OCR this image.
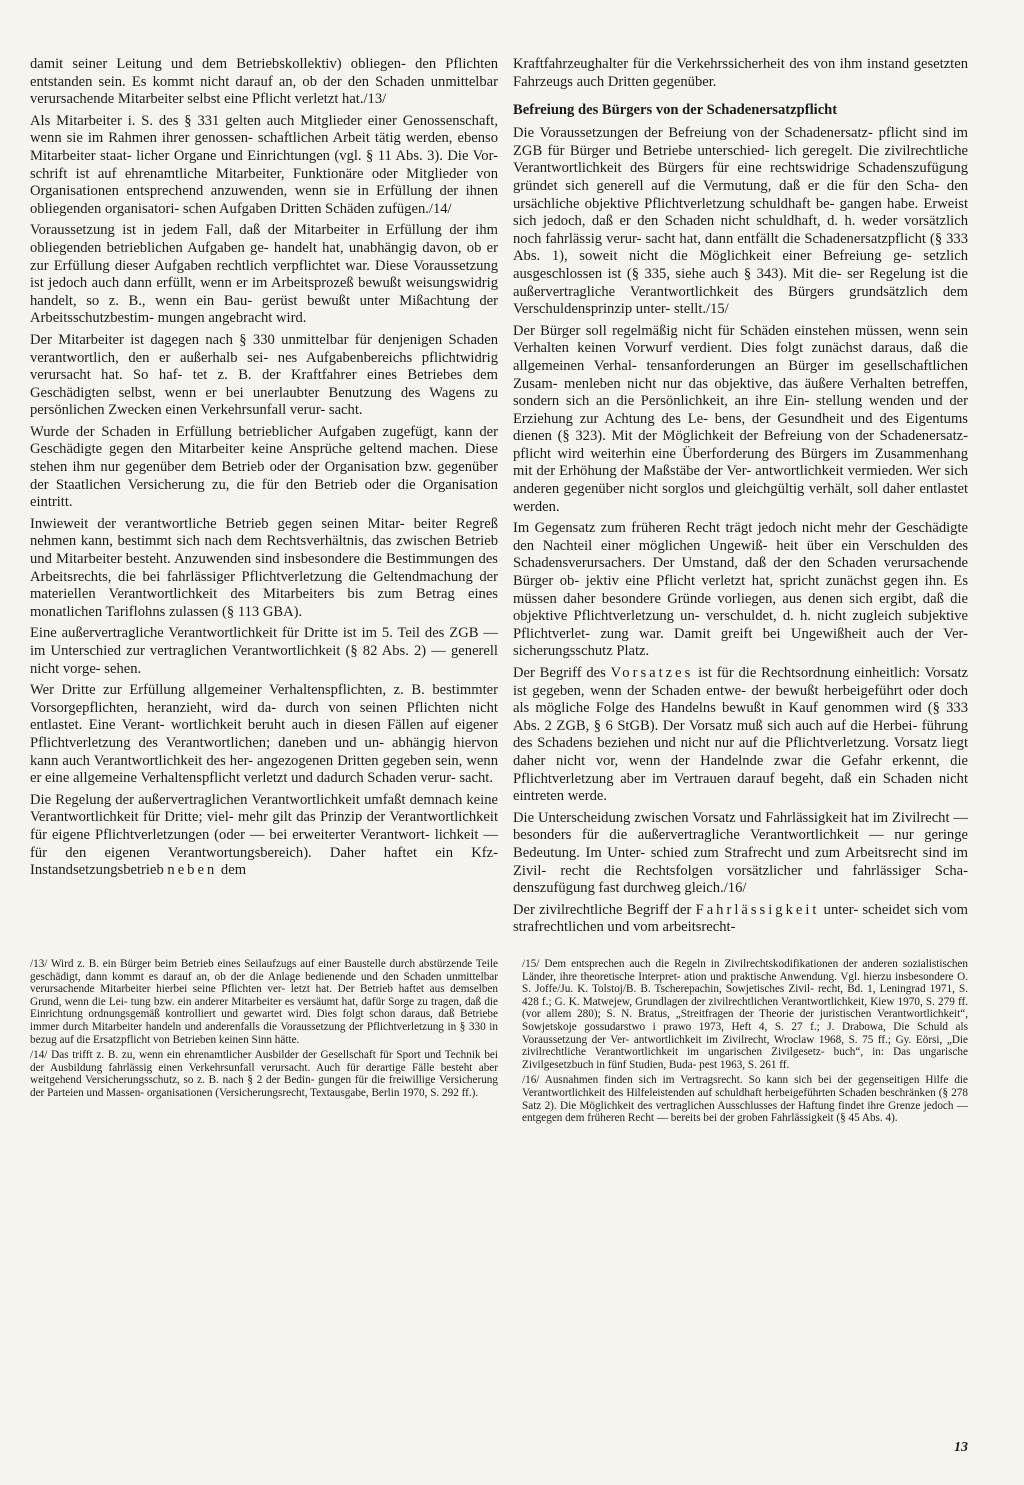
damit seiner Leitung und dem Betriebskollektiv) obliegen- den Pflichten entstanden sein. Es kommt nicht darauf an, ob der den Schaden unmittelbar verursachende Mitarbeiter selbst eine Pflicht verletzt hat./13/

Als Mitarbeiter i. S. des § 331 gelten auch Mitglieder einer Genossenschaft, wenn sie im Rahmen ihrer genossen- schaftlichen Arbeit tätig werden, ebenso Mitarbeiter staat- licher Organe und Einrichtungen (vgl. § 11 Abs. 3). Die Vor- schrift ist auf ehrenamtliche Mitarbeiter, Funktionäre oder Mitglieder von Organisationen entsprechend anzuwenden, wenn sie in Erfüllung der ihnen obliegenden organisatori- schen Aufgaben Dritten Schäden zufügen./14/

Voraussetzung ist in jedem Fall, daß der Mitarbeiter in Erfüllung der ihm obliegenden betrieblichen Aufgaben ge- handelt hat, unabhängig davon, ob er zur Erfüllung dieser Aufgaben rechtlich verpflichtet war. Diese Voraussetzung ist jedoch auch dann erfüllt, wenn er im Arbeitsprozeß bewußt weisungswidrig handelt, so z. B., wenn ein Bau- gerüst bewußt unter Mißachtung der Arbeitsschutzbestim- mungen angebracht wird.

Der Mitarbeiter ist dagegen nach § 330 unmittelbar für denjenigen Schaden verantwortlich, den er außerhalb sei- nes Aufgabenbereichs pflichtwidrig verursacht hat. So haf- tet z. B. der Kraftfahrer eines Betriebes dem Geschädigten selbst, wenn er bei unerlaubter Benutzung des Wagens zu persönlichen Zwecken einen Verkehrsunfall verur- sacht.

Wurde der Schaden in Erfüllung betrieblicher Aufgaben zugefügt, kann der Geschädigte gegen den Mitarbeiter keine Ansprüche geltend machen. Diese stehen ihm nur gegenüber dem Betrieb oder der Organisation bzw. gegenüber der Staatlichen Versicherung zu, die für den Betrieb oder die Organisation eintritt.

Inwieweit der verantwortliche Betrieb gegen seinen Mitar- beiter Regreß nehmen kann, bestimmt sich nach dem Rechtsverhältnis, das zwischen Betrieb und Mitarbeiter besteht. Anzuwenden sind insbesondere die Bestimmungen des Arbeitsrechts, die bei fahrlässiger Pflichtverletzung die Geltendmachung der materiellen Verantwortlichkeit des Mitarbeiters bis zum Betrag eines monatlichen Tariflohns zulassen (§ 113 GBA).

Eine außervertragliche Verantwortlichkeit für Dritte ist im 5. Teil des ZGB — im Unterschied zur vertraglichen Verantwortlichkeit (§ 82 Abs. 2) — generell nicht vorge- sehen.

Wer Dritte zur Erfüllung allgemeiner Verhaltenspflichten, z. B. bestimmter Vorsorgepflichten, heranzieht, wird da- durch von seinen Pflichten nicht entlastet. Eine Verant- wortlichkeit beruht auch in diesen Fällen auf eigener Pflichtverletzung des Verantwortlichen; daneben und un- abhängig hiervon kann auch Verantwortlichkeit des her- angezogenen Dritten gegeben sein, wenn er eine allgemeine Verhaltenspflicht verletzt und dadurch Schaden verur- sacht.

Die Regelung der außervertraglichen Verantwortlichkeit umfaßt demnach keine Verantwortlichkeit für Dritte; viel- mehr gilt das Prinzip der Verantwortlichkeit für eigene Pflichtverletzungen (oder — bei erweiterter Verantwort- lichkeit — für den eigenen Verantwortungsbereich). Daher haftet ein Kfz-Instandsetzungsbetrieb neben dem

Kraftfahrzeughalter für die Verkehrssicherheit des von ihm instand gesetzten Fahrzeugs auch Dritten gegenüber.

Befreiung des Bürgers von der Schadenersatzpflicht

Die Voraussetzungen der Befreiung von der Schadenersatz- pflicht sind im ZGB für Bürger und Betriebe unterschied- lich geregelt. Die zivilrechtliche Verantwortlichkeit des Bürgers für eine rechtswidrige Schadenszufügung gründet sich generell auf die Vermutung, daß er die für den Scha- den ursächliche objektive Pflichtverletzung schuldhaft be- gangen habe. Erweist sich jedoch, daß er den Schaden nicht schuldhaft, d. h. weder vorsätzlich noch fahrlässig verur- sacht hat, dann entfällt die Schadenersatzpflicht (§ 333 Abs. 1), soweit nicht die Möglichkeit einer Befreiung ge- setzlich ausgeschlossen ist (§ 335, siehe auch § 343). Mit die- ser Regelung ist die außervertragliche Verantwortlichkeit des Bürgers grundsätzlich dem Verschuldensprinzip unter- stellt./15/

Der Bürger soll regelmäßig nicht für Schäden einstehen müssen, wenn sein Verhalten keinen Vorwurf verdient. Dies folgt zunächst daraus, daß die allgemeinen Verhal- tensanforderungen an Bürger im gesellschaftlichen Zusam- menleben nicht nur das objektive, das äußere Verhalten betreffen, sondern sich an die Persönlichkeit, an ihre Ein- stellung wenden und der Erziehung zur Achtung des Le- bens, der Gesundheit und des Eigentums dienen (§ 323). Mit der Möglichkeit der Befreiung von der Schadenersatz- pflicht wird weiterhin eine Überforderung des Bürgers im Zusammenhang mit der Erhöhung der Maßstäbe der Ver- antwortlichkeit vermieden. Wer sich anderen gegenüber nicht sorglos und gleichgültig verhält, soll daher entlastet werden.

Im Gegensatz zum früheren Recht trägt jedoch nicht mehr der Geschädigte den Nachteil einer möglichen Ungewiß- heit über ein Verschulden des Schadensverursachers. Der Umstand, daß der den Schaden verursachende Bürger ob- jektiv eine Pflicht verletzt hat, spricht zunächst gegen ihn. Es müssen daher besondere Gründe vorliegen, aus denen sich ergibt, daß die objektive Pflichtverletzung un- verschuldet, d. h. nicht zugleich subjektive Pflichtverlet- zung war. Damit greift bei Ungewißheit auch der Ver- sicherungsschutz Platz.

Der Begriff des Vorsatzes ist für die Rechtsordnung einheitlich: Vorsatz ist gegeben, wenn der Schaden entwe- der bewußt herbeigeführt oder doch als mögliche Folge des Handelns bewußt in Kauf genommen wird (§ 333 Abs. 2 ZGB, § 6 StGB). Der Vorsatz muß sich auch auf die Herbei- führung des Schadens beziehen und nicht nur auf die Pflichtverletzung. Vorsatz liegt daher nicht vor, wenn der Handelnde zwar die Gefahr erkennt, die Pflichtverletzung aber im Vertrauen darauf begeht, daß ein Schaden nicht eintreten werde.

Die Unterscheidung zwischen Vorsatz und Fahrlässigkeit hat im Zivilrecht — besonders für die außervertragliche Verantwortlichkeit — nur geringe Bedeutung. Im Unter- schied zum Strafrecht und zum Arbeitsrecht sind im Zivil- recht die Rechtsfolgen vorsätzlicher und fahrlässiger Scha- denszufügung fast durchweg gleich./16/

Der zivilrechtliche Begriff der Fahrlässigkeit unter- scheidet sich vom strafrechtlichen und vom arbeitsrecht-

/13/ Wird z. B. ein Bürger beim Betrieb eines Seilaufzugs auf einer Baustelle durch abstürzende Teile geschädigt, dann kommt es darauf an, ob der die Anlage bedienende und den Schaden unmittelbar verursachende Mitarbeiter hierbei seine Pflichten ver- letzt hat. Der Betrieb haftet aus demselben Grund, wenn die Lei- tung bzw. ein anderer Mitarbeiter es versäumt hat, dafür Sorge zu tragen, daß die Einrichtung ordnungsgemäß kontrolliert und gewartet wird. Dies folgt schon daraus, daß Betriebe immer durch Mitarbeiter handeln und anderenfalls die Voraussetzung der Pflichtverletzung in § 330 in bezug auf die Ersatzpflicht von Betrieben keinen Sinn hätte.

/14/ Das trifft z. B. zu, wenn ein ehrenamtlicher Ausbilder der Gesellschaft für Sport und Technik bei der Ausbildung fahrlässig einen Verkehrsunfall verursacht. Auch für derartige Fälle besteht aber weitgehend Versicherungsschutz, so z. B. nach § 2 der Bedin- gungen für die freiwillige Versicherung der Parteien und Massen- organisationen (Versicherungsrecht, Textausgabe, Berlin 1970, S. 292 ff.).

/15/ Dem entsprechen auch die Regeln in Zivilrechtskodifikationen der anderen sozialistischen Länder, ihre theoretische Interpret- ation und praktische Anwendung. Vgl. hierzu insbesondere O. S. Joffe/Ju. K. Tolstoj/B. B. Tscherepachin, Sowjetisches Zivil- recht, Bd. 1, Leningrad 1971, S. 428 f.; G. K. Matwejew, Grundlagen der zivilrechtlichen Verantwortlichkeit, Kiew 1970, S. 279 ff. (vor allem 280); S. N. Bratus, „Streitfragen der Theorie der juristischen Verantwortlichkeit“, Sowjetskoje gossudarstwo i prawo 1973, Heft 4, S. 27 f.; J. Drabowa, Die Schuld als Voraussetzung der Ver- antwortlichkeit im Zivilrecht, Wroclaw 1968, S. 75 ff.; Gy. Eörsi, „Die zivilrechtliche Verantwortlichkeit im ungarischen Zivilgesetz- buch“, in: Das ungarische Zivilgesetzbuch in fünf Studien, Buda- pest 1963, S. 261 ff.

/16/ Ausnahmen finden sich im Vertragsrecht. So kann sich bei der gegenseitigen Hilfe die Verantwortlichkeit des Hilfeleistenden auf schuldhaft herbeigeführten Schaden beschränken (§ 278 Satz 2). Die Möglichkeit des vertraglichen Ausschlusses der Haftung findet ihre Grenze jedoch — entgegen dem früheren Recht — bereits bei der groben Fahrlässigkeit (§ 45 Abs. 4).

13
